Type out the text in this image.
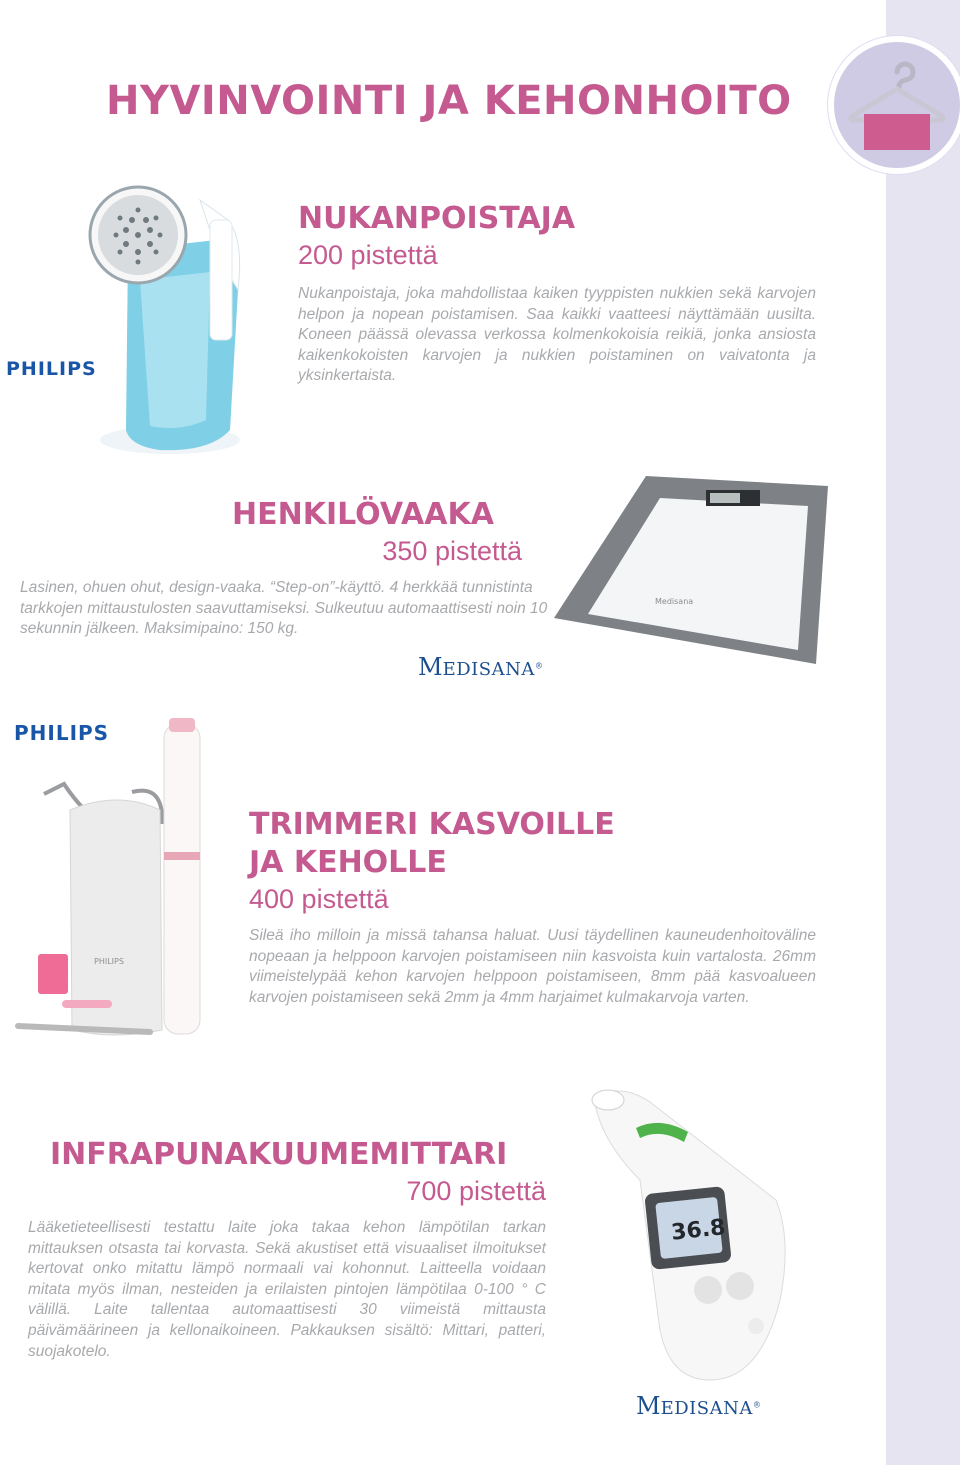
HYVINVOINTI JA KEHONHOITO
PHILIPS
NUKANPOISTAJA

200 pistettä

Nukanpoistaja, joka mahdollistaa kaiken tyyppisten nukkien sekä karvojen helpon ja nopean poistamisen. Saa kaikki vaatteesi näyttämään uusilta. Koneen päässä olevassa verkossa kolmenkokoisia reikiä, jonka ansiosta kaikenkokoisten karvojen ja nukkien poistaminen on vaivatonta ja yksinkertaista.

HENKILÖVAAKA

350 pistettä

Lasinen, ohuen ohut, design-vaaka. “Step-on”-käyttö. 4 herkkää tunnistinta tarkkojen mittaustulosten saavuttamiseksi. Sulkeutuu automaattisesti noin 10 sekunnin jälkeen. Maksimipaino: 150 kg.

MEDISANA®
Medisana
PHILIPS
PHILIPS
TRIMMERI KASVOILLE
JA KEHOLLE

400 pistettä

Sileä iho milloin ja missä tahansa haluat. Uusi täydellinen kauneudenhoitoväline nopeaan ja helppoon karvojen poistamiseen niin kasvoista kuin vartalosta. 26mm viimeistelypää kehon karvojen helppoon poistamiseen, 8mm pää kasvoalueen karvojen poistamiseen sekä 2mm ja 4mm harjaimet kulmakarvoja varten.

INFRAPUNAKUUMEMITTARI

700 pistettä

Lääketieteellisesti testattu laite joka takaa kehon lämpötilan tarkan mittauksen otsasta tai korvasta. Sekä akustiset että visuaaliset ilmoitukset kertovat onko mitattu lämpö normaali vai kohonnut. Laitteella voidaan mitata myös ilman, nesteiden ja erilaisten pintojen lämpötilaa 0-100 ° C välillä. Laite tallentaa automaattisesti 30 viimeistä mittausta päivämäärineen ja kellonaikoineen. Pakkauksen sisältö: Mittari, patteri, suojakotelo.

36.8
MEDISANA®
